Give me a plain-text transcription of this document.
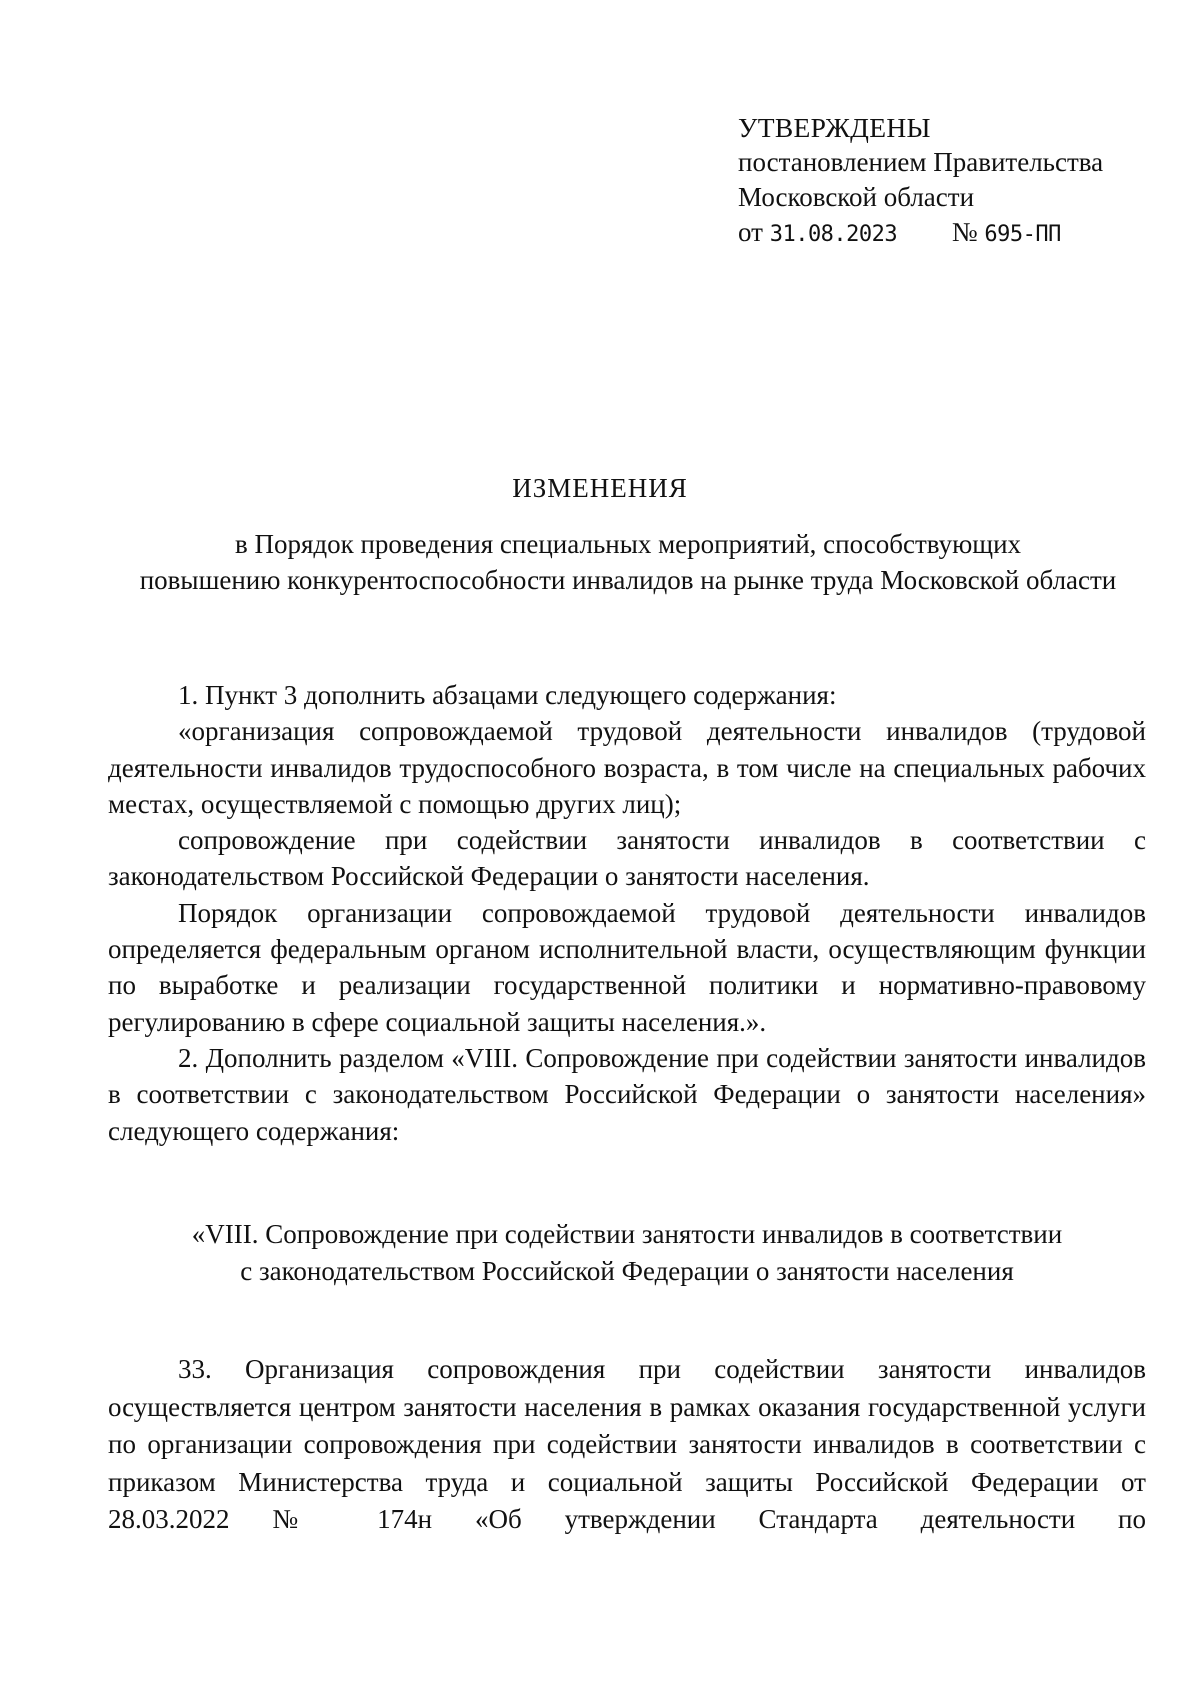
УТВЕРЖДЕНЫ
постановлением Правительства
Московской области
от 31.08.2023 № 695-ПП
ИЗМЕНЕНИЯ
в Порядок проведения специальных мероприятий, способствующих
повышению конкурентоспособности инвалидов на рынке труда Московской области

1. Пункт 3 дополнить абзацами следующего содержания:

«организация сопровождаемой трудовой деятельности инвалидов (трудовой деятельности инвалидов трудоспособного возраста, в том числе на специальных рабочих местах, осуществляемой с помощью других лиц);

сопровождение при содействии занятости инвалидов в соответствии с законодательством Российской Федерации о занятости населения.

Порядок организации сопровождаемой трудовой деятельности инвалидов определяется федеральным органом исполнительной власти, осуществляющим функции по выработке и реализации государственной политики и нормативно-правовому регулированию в сфере социальной защиты населения.».

2. Дополнить разделом «VIII. Сопровождение при содействии занятости инвалидов в соответствии с законодательством Российской Федерации о занятости населения» следующего содержания:

«VIII. Сопровождение при содействии занятости инвалидов в соответствии
с законодательством Российской Федерации о занятости населения

33. Организация сопровождения при содействии занятости инвалидов осуществляется центром занятости населения в рамках оказания государственной услуги по организации сопровождения при содействии занятости инвалидов в соответствии с приказом Министерства труда и социальной защиты Российской Федерации от 28.03.2022 № 174н «Об утверждении Стандарта деятельности по
